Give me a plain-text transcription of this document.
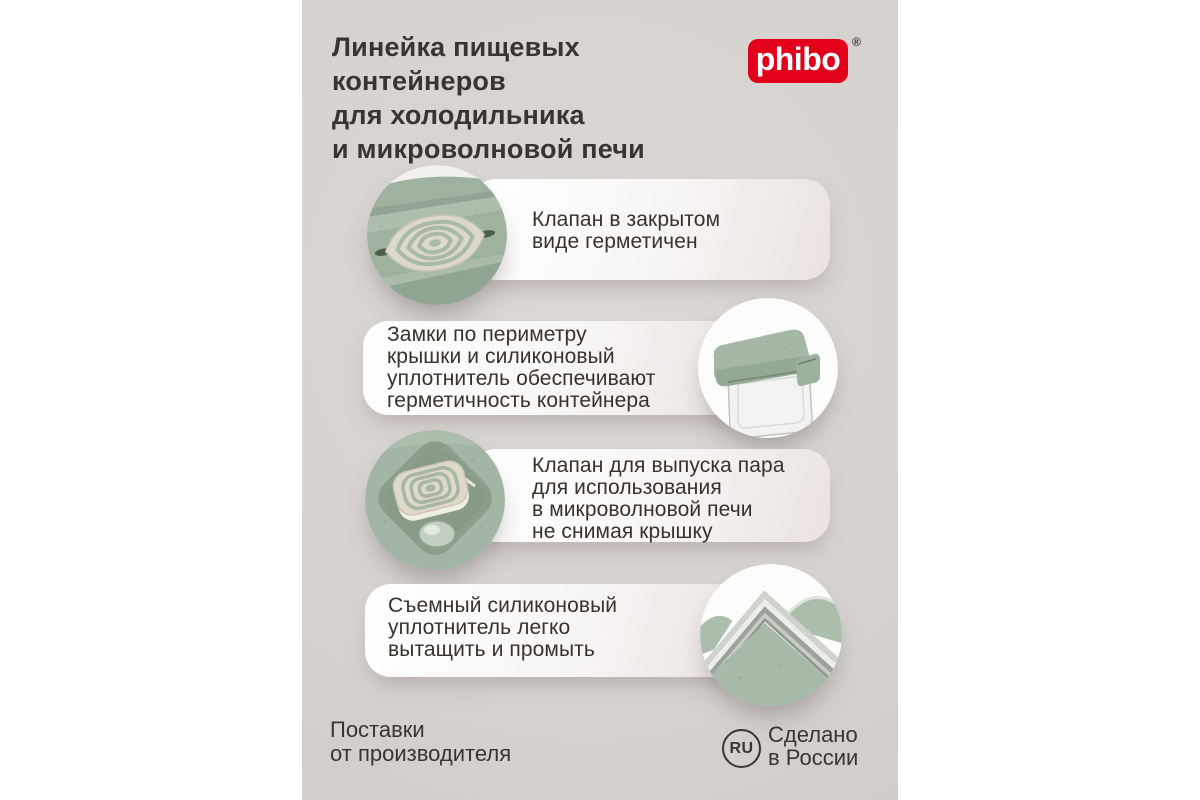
Линейка пищевых
контейнеров
для холодильника
и микроволновой печи
phibo ®
Клапан в закрытом
виде герметичен
Замки по периметру
крышки и силиконовый
уплотнитель обеспечивают
герметичность контейнера
Клапан для выпуска пара
для использования
в микроволновой печи
не снимая крышку
Съемный силиконовый
уплотнитель легко
вытащить и промыть
Поставки
от производителя	RU
Сделано
в России
